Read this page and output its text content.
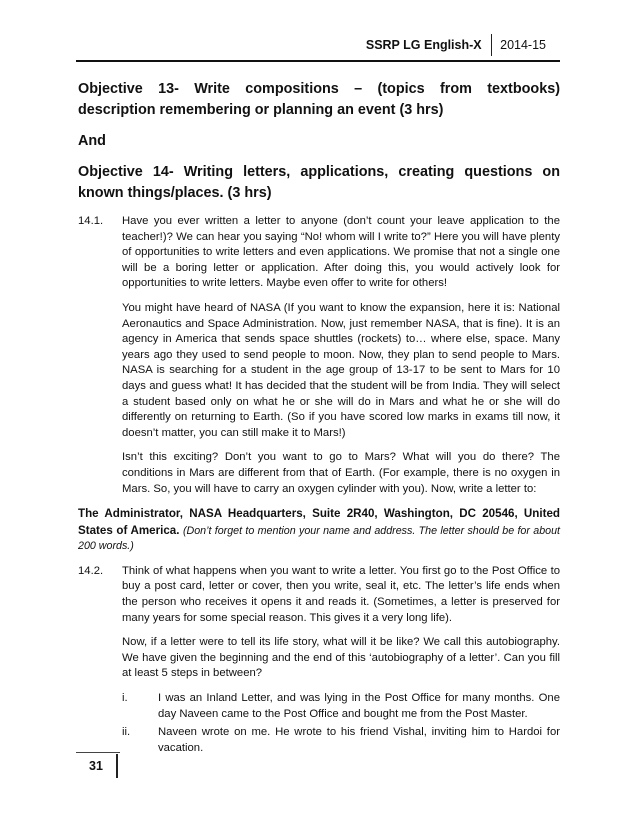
SSRP LG English-X	2014-15

Objective 13- Write compositions – (topics from textbooks) description remembering or planning an event (3 hrs)

And

Objective 14- Writing letters, applications, creating questions on known things/places. (3 hrs)

14.1.	Have you ever written a letter to anyone (don’t count your leave application to the teacher!)? We can hear you saying “No! whom will I write to?” Here you will have plenty of opportunities to write letters and even applications. We promise that not a single one will be a boring letter or application. After doing this, you would actively look for opportunities to write letters. Maybe even offer to write for others!

You might have heard of NASA (If you want to know the expansion, here it is: National Aeronautics and Space Administration. Now, just remember NASA, that is fine). It is an agency in America that sends space shuttles (rockets) to… where else, space. Many years ago they used to send people to moon. Now, they plan to send people to Mars. NASA is searching for a student in the age group of 13-17 to be sent to Mars for 10 days and guess what! It has decided that the student will be from India. They will select a student based only on what he or she will do in Mars and what he or she will do differently on returning to Earth. (So if you have scored low marks in exams till now, it doesn’t matter, you can still make it to Mars!)

Isn’t this exciting? Don’t you want to go to Mars? What will you do there? The conditions in Mars are different from that of Earth. (For example, there is no oxygen in Mars. So, you will have to carry an oxygen cylinder with you). Now, write a letter to:

The Administrator, NASA Headquarters, Suite 2R40, Washington, DC 20546, United States of America. (Don’t forget to mention your name and address. The letter should be for about 200 words.)

14.2.	Think of what happens when you want to write a letter. You first go to the Post Office to buy a post card, letter or cover, then you write, seal it, etc. The letter’s life ends when the person who receives it opens it and reads it. (Sometimes, a letter is preserved for many years for some special reason. This gives it a very long life).

Now, if a letter were to tell its life story, what will it be like? We call this autobiography. We have given the beginning and the end of this ‘autobiography of a letter’. Can you fill at least 5 steps in between?

i.	I was an Inland Letter, and was lying in the Post Office for many months. One day Naveen came to the Post Office and bought me from the Post Master.
ii.	Naveen wrote on me. He wrote to his friend Vishal, inviting him to Hardoi for vacation.
31
